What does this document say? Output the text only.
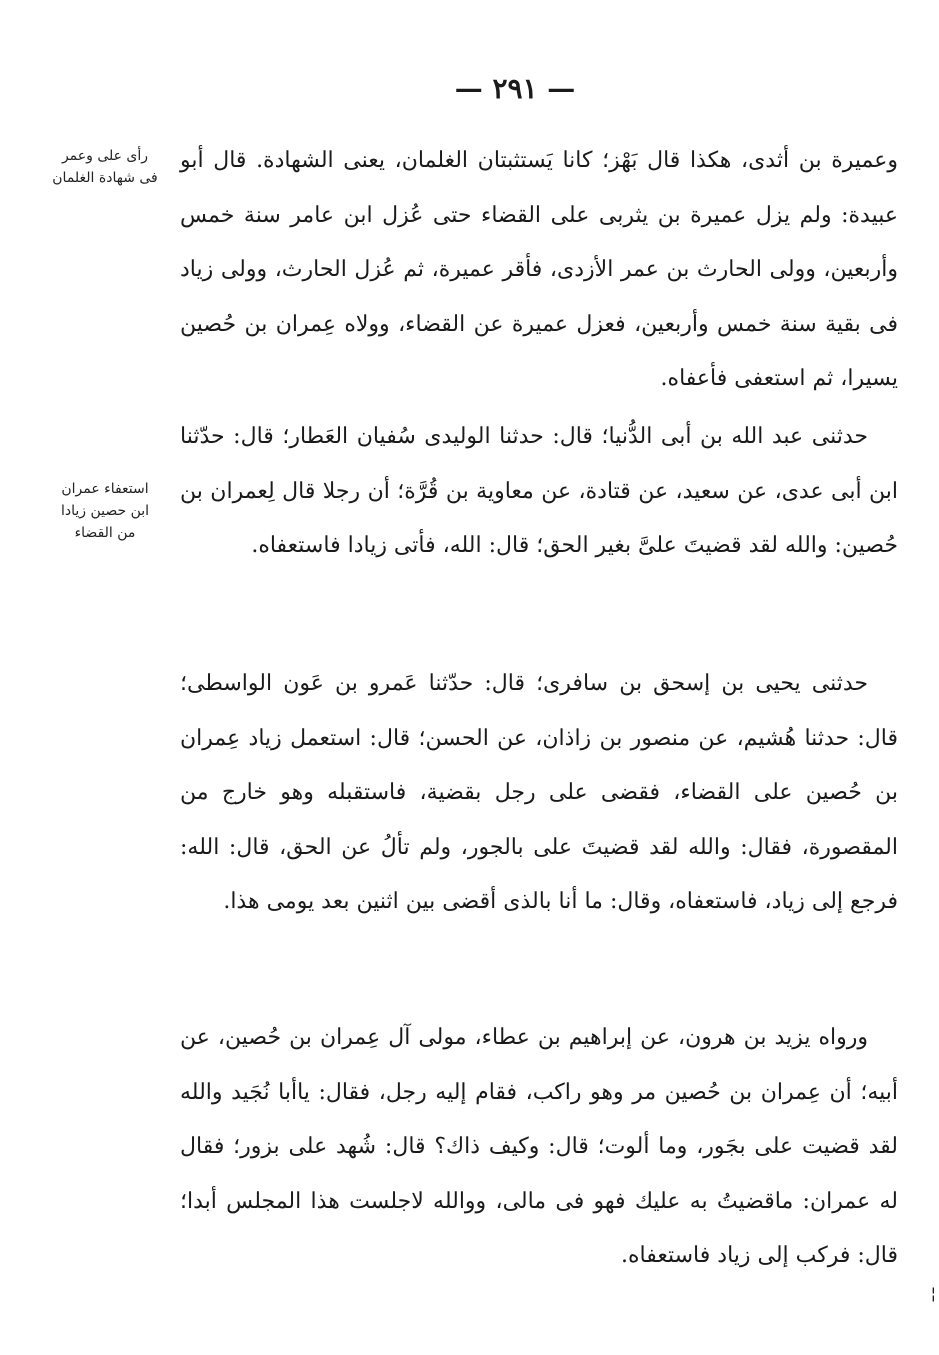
— ٢٩١ —
رأى على وعمر
فى شهادة الغلمان
استعفاء عمران
ابن حصين زيادا
من القضاء

وعميرة بن أثدى، هكذا قال بَهْز؛ كانا يَستثبتان الغلمان، يعنى الشهادة. قال أبو عبيدة: ولم يزل عميرة بن يثربى على القضاء حتى عُزل ابن عامر سنة خمس وأربعين، وولى الحارث بن عمر الأزدى، فأقر عميرة، ثم عُزل الحارث، وولى زياد فى بقية سنة خمس وأربعين، فعزل عميرة عن القضاء، وولاه عِمران بن حُصين يسيرا، ثم استعفى فأعفاه.

حدثنى عبد الله بن أبى الدُّنيا؛ قال: حدثنا الوليدى سُفيان العَطار؛ قال: حدّثنا ابن أبى عدى، عن سعيد، عن قتادة، عن معاوية بن قُرَّة؛ أن رجلا قال لِعمران بن حُصين: والله لقد قضيتَ علىَّ بغير الحق؛ قال: الله، فأتى زيادا فاستعفاه.

حدثنى يحيى بن إسحق بن سافرى؛ قال: حدّثنا عَمرو بن عَون الواسطى؛ قال: حدثنا هُشيم، عن منصور بن زاذان، عن الحسن؛ قال: استعمل زياد عِمران بن حُصين على القضاء، فقضى على رجل بقضية، فاستقبله وهو خارج من المقصورة، فقال: والله لقد قضيتَ على بالجور، ولم تألُ عن الحق، قال: الله: فرجع إلى زياد، فاستعفاه، وقال: ما أنا بالذى أقضى بين اثنين بعد يومى هذا.

ورواه يزيد بن هرون، عن إبراهيم بن عطاء، مولى آل عِمران بن حُصين، عن أبيه؛ أن عِمران بن حُصين مر وهو راكب، فقام إليه رجل، فقال: ياأبا نُجَيد والله لقد قضيت على بجَور، وما ألوت؛ قال: وكيف ذاك؟ قال: شُهد على بزور؛ فقال له عمران: ماقضيتُ به عليك فهو فى مالى، ووالله لاجلست هذا المجلس أبدا؛ قال: فركب إلى زياد فاستعفاه.

¦
